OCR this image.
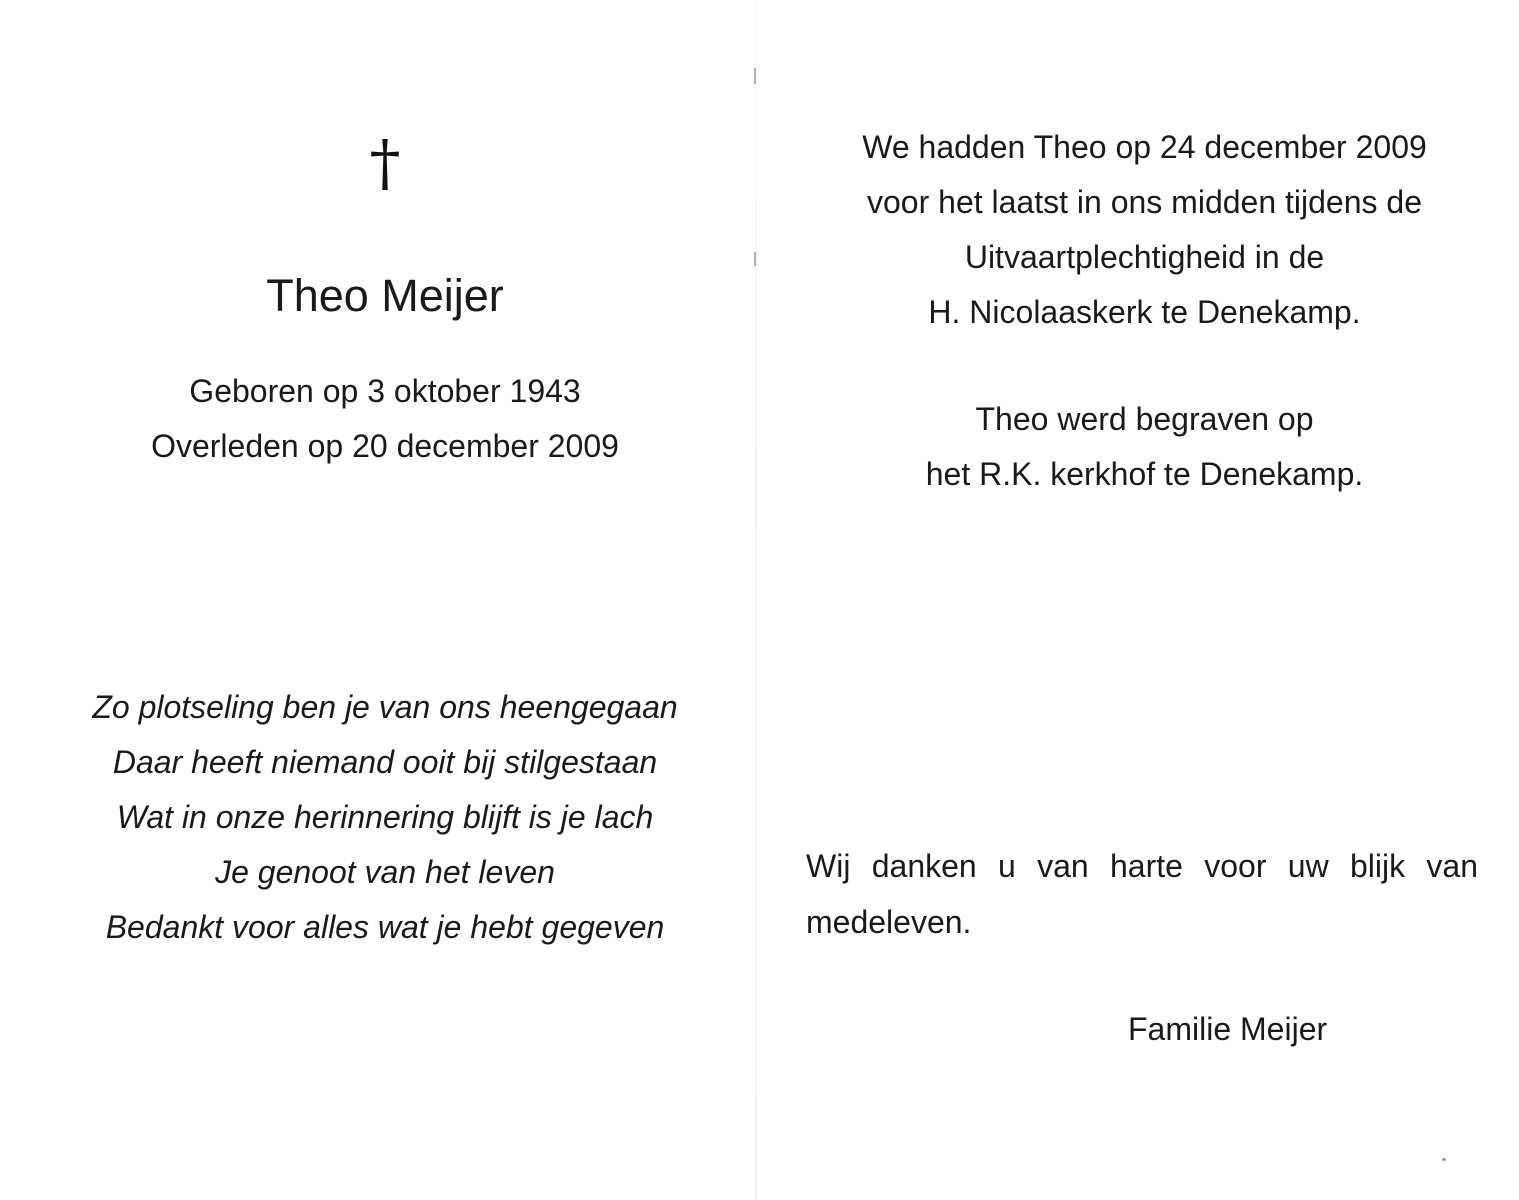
†
Theo Meijer
Geboren op 3 oktober 1943
Overleden op 20 december 2009
Zo plotseling ben je van ons heengegaan
Daar heeft niemand ooit bij stilgestaan
Wat in onze herinnering blijft is je lach
Je genoot van het leven
Bedankt voor alles wat je hebt gegeven
We hadden Theo op 24 december 2009
voor het laatst in ons midden tijdens de
Uitvaartplechtigheid in de
H. Nicolaaskerk te Denekamp.
Theo werd begraven op
het R.K. kerkhof te Denekamp.
Wij danken u van harte voor uw blijk van medeleven.
Familie Meijer
